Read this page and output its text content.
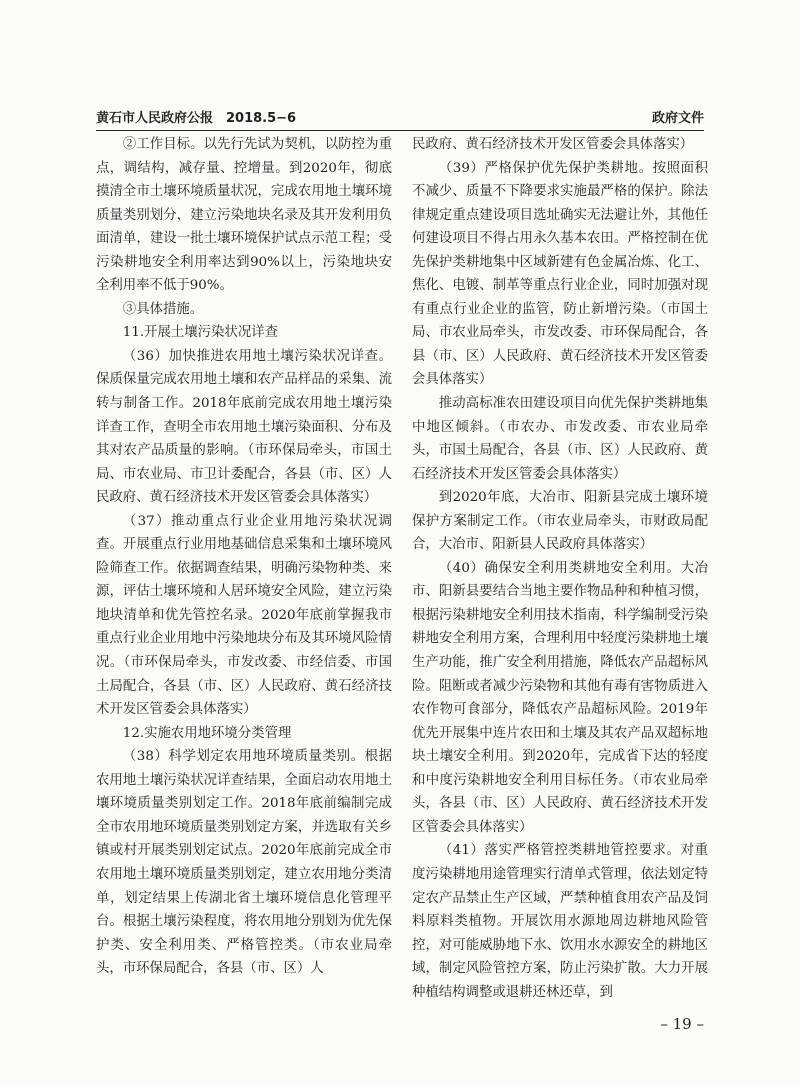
黄石市人民政府公报　2018.5−6	政府文件

②工作目标。以先行先试为契机，以防控为重点，调结构，减存量、控增量。到2020年，彻底摸清全市土壤环境质量状况，完成农用地土壤环境质量类别划分，建立污染地块名录及其开发利用负面清单，建设一批土壤环境保护试点示范工程；受污染耕地安全利用率达到90%以上，污染地块安全利用率不低于90%。

③具体措施。

11.开展土壤污染状况详查

（36）加快推进农用地土壤污染状况详查。保质保量完成农用地土壤和农产品样品的采集、流转与制备工作。2018年底前完成农用地土壤污染详查工作，查明全市农用地土壤污染面积、分布及其对农产品质量的影响。（市环保局牵头，市国土局、市农业局、市卫计委配合，各县（市、区）人民政府、黄石经济技术开发区管委会具体落实）

（37）推动重点行业企业用地污染状况调查。开展重点行业用地基础信息采集和土壤环境风险筛查工作。依据调查结果，明确污染物种类、来源，评估土壤环境和人居环境安全风险，建立污染地块清单和优先管控名录。2020年底前掌握我市重点行业企业用地中污染地块分布及其环境风险情况。（市环保局牵头，市发改委、市经信委、市国土局配合，各县（市、区）人民政府、黄石经济技术开发区管委会具体落实）

12.实施农用地环境分类管理

（38）科学划定农用地环境质量类别。根据农用地土壤污染状况详查结果，全面启动农用地土壤环境质量类别划定工作。2018年底前编制完成全市农用地环境质量类别划定方案，并选取有关乡镇或村开展类别划定试点。2020年底前完成全市农用地土壤环境质量类别划定，建立农用地分类清单，划定结果上传湖北省土壤环境信息化管理平台。根据土壤污染程度，将农用地分别划为优先保护类、安全利用类、严格管控类。（市农业局牵头，市环保局配合，各县（市、区）人

民政府、黄石经济技术开发区管委会具体落实）

（39）严格保护优先保护类耕地。按照面积不减少、质量不下降要求实施最严格的保护。除法律规定重点建设项目选址确实无法避让外，其他任何建设项目不得占用永久基本农田。严格控制在优先保护类耕地集中区域新建有色金属冶炼、化工、焦化、电镀、制革等重点行业企业，同时加强对现有重点行业企业的监管，防止新增污染。（市国土局、市农业局牵头，市发改委、市环保局配合，各县（市、区）人民政府、黄石经济技术开发区管委会具体落实）

推动高标准农田建设项目向优先保护类耕地集中地区倾斜。（市农办、市发改委、市农业局牵头，市国土局配合，各县（市、区）人民政府、黄石经济技术开发区管委会具体落实）

到2020年底，大冶市、阳新县完成土壤环境保护方案制定工作。（市农业局牵头，市财政局配合，大冶市、阳新县人民政府具体落实）

（40）确保安全利用类耕地安全利用。大冶市、阳新县要结合当地主要作物品种和种植习惯，根据污染耕地安全利用技术指南，科学编制受污染耕地安全利用方案，合理利用中轻度污染耕地土壤生产功能，推广安全利用措施，降低农产品超标风险。阻断或者减少污染物和其他有毒有害物质进入农作物可食部分，降低农产品超标风险。2019年优先开展集中连片农田和土壤及其农产品双超标地块土壤安全利用。到2020年，完成省下达的轻度和中度污染耕地安全利用目标任务。（市农业局牵头，各县（市、区）人民政府、黄石经济技术开发区管委会具体落实）

（41）落实严格管控类耕地管控要求。对重度污染耕地用途管理实行清单式管理，依法划定特定农产品禁止生产区域，严禁种植食用农产品及饲料原料类植物。开展饮用水源地周边耕地风险管控，对可能威胁地下水、饮用水水源安全的耕地区域，制定风险管控方案，防止污染扩散。大力开展种植结构调整或退耕还林还草，到

– 19 –
